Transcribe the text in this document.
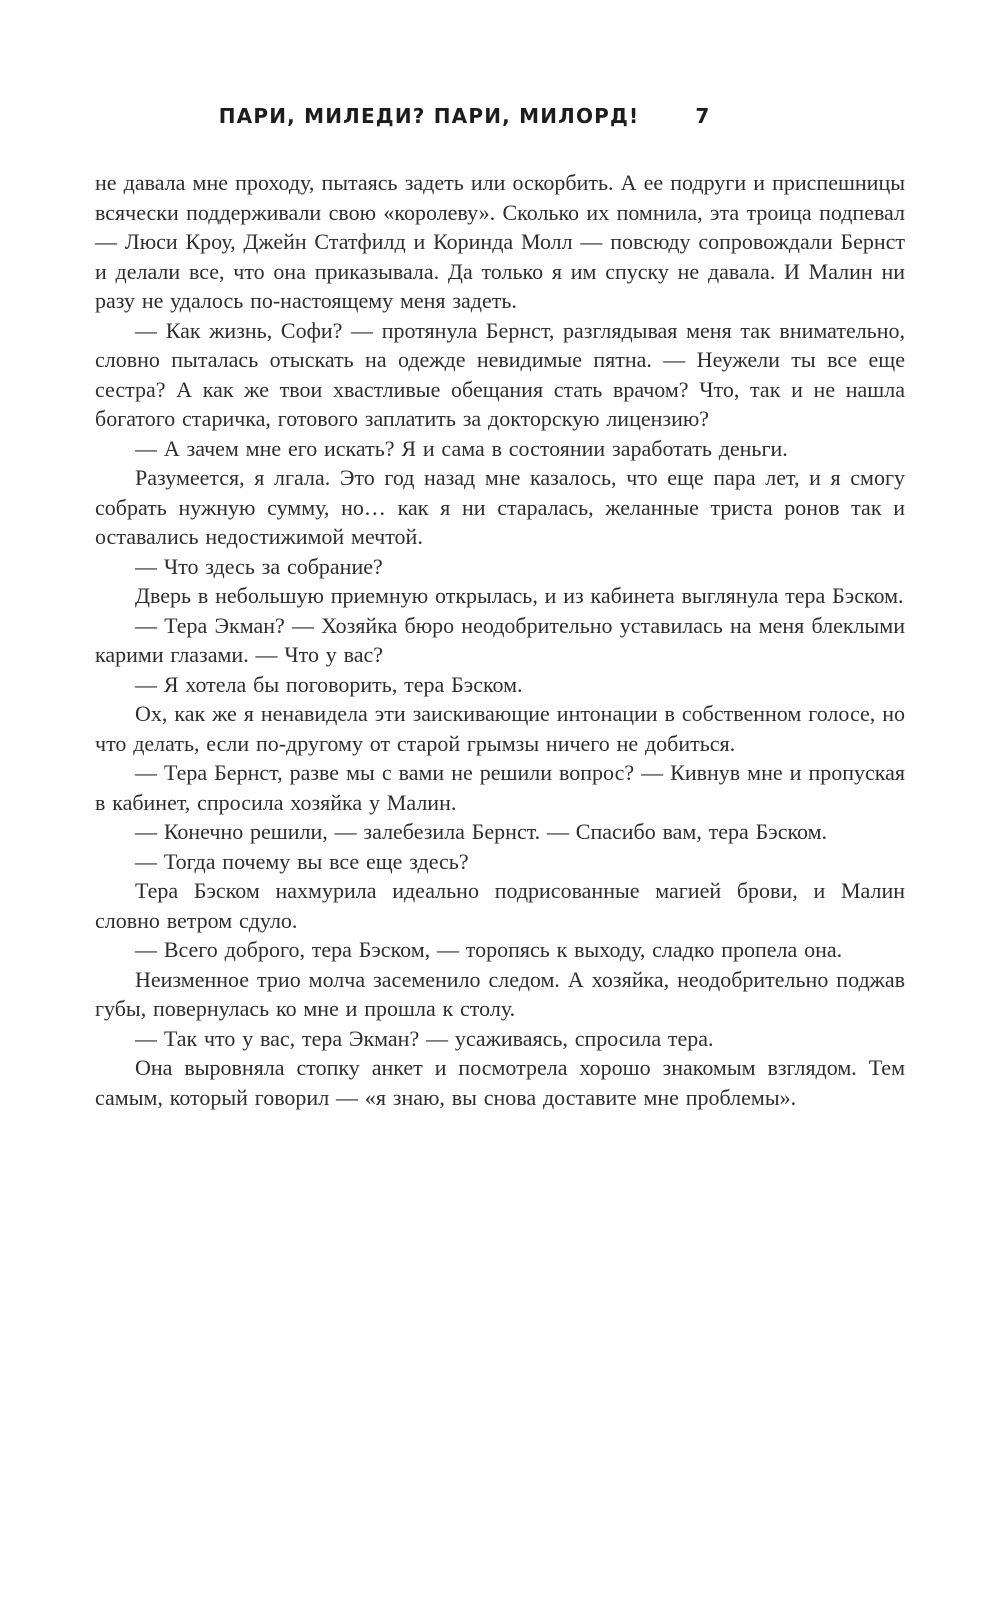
ПАРИ, МИЛЕДИ? ПАРИ, МИЛОРД!	7

не давала мне проходу, пытаясь задеть или оскорбить. А ее подруги и приспешницы всячески поддерживали свою «королеву». Сколько их помнила, эта троица подпевал — Люси Кроу, Джейн Статфилд и Коринда Молл — повсюду сопровождали Бернст и делали все, что она приказывала. Да только я им спуску не давала. И Малин ни разу не удалось по-настоящему меня задеть.

— Как жизнь, Софи? — протянула Бернст, разглядывая меня так внимательно, словно пыталась отыскать на одежде невидимые пятна. — Неужели ты все еще сестра? А как же твои хвастливые обещания стать врачом? Что, так и не нашла богатого старичка, готового заплатить за докторскую лицензию?

— А зачем мне его искать? Я и сама в состоянии заработать деньги.

Разумеется, я лгала. Это год назад мне казалось, что еще пара лет, и я смогу собрать нужную сумму, но… как я ни старалась, желанные триста ронов так и оставались недостижимой мечтой.

— Что здесь за собрание?

Дверь в небольшую приемную открылась, и из кабинета выглянула тера Бэском.

— Тера Экман? — Хозяйка бюро неодобрительно уставилась на меня блеклыми карими глазами. — Что у вас?

— Я хотела бы поговорить, тера Бэском.

Ох, как же я ненавидела эти заискивающие интонации в собственном голосе, но что делать, если по-другому от старой грымзы ничего не добиться.

— Тера Бернст, разве мы с вами не решили вопрос? — Кивнув мне и пропуская в кабинет, спросила хозяйка у Малин.

— Конечно решили, — залебезила Бернст. — Спасибо вам, тера Бэском.

— Тогда почему вы все еще здесь?

Тера Бэском нахмурила идеально подрисованные магией брови, и Малин словно ветром сдуло.

— Всего доброго, тера Бэском, — торопясь к выходу, сладко пропела она.

Неизменное трио молча засеменило следом. А хозяйка, неодобрительно поджав губы, повернулась ко мне и прошла к столу.

— Так что у вас, тера Экман? — усаживаясь, спросила тера.

Она выровняла стопку анкет и посмотрела хорошо знакомым взглядом. Тем самым, который говорил — «я знаю, вы снова доставите мне проблемы».
